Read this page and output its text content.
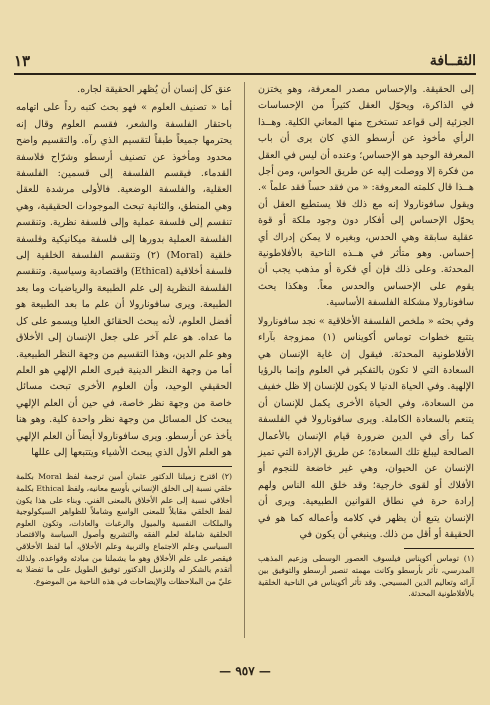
١٣	الثقــافة

إلى الحقيقة. والإحساس مصدر المعرفة، وهو يختزن في الذاكرة، ويحوّل العقل كثيراً من الإحساسات الجزئية إلى قواعد تستخرج منها المعاني الكلية. وهــذا الرأي مأخوذ عن أرسطو الذي كان يرى أن باب المعرفة الوحيد هو الإحساس؛ وعنده أن ليس في العقل من فكرة إلا ووصلت إليه عن طريق الحواس، ومن أجل هــذا قال كلمته المعروفة: « من فقد حساً فقد علماً ». ويقول سافونارولا إنه مع ذلك فلا يستطيع العقل أن يحوّل الإحساس إلى أفكار دون وجود ملكة أو قوة عقلية سابقة وهي الحدس، وبغيره لا يمكن إدراك أي إحساس. وهو متأثر في هــذه الناحية بالأفلاطونية المحدثة. وعلى ذلك فإن أي فكرة أو مذهب يجب أن يقوم على الإحساس والحدس معاً. وهكذا يحث سافونارولا مشكلة الفلسفة الأساسية.

وفي بحثه « ملخص الفلسفة الأخلاقية » نجد سافونارولا يتتبع خطوات توماس أكويناس (١) ممزوجة بآراء الأفلاطونية المحدثة. فيقول إن غاية الإنسان هي السعادة التي لا تكون بالتفكير في العلوم وإنما بالرؤيا الإلهية. وفي الحياة الدنيا لا يكون للإنسان إلا ظل خفيف من السعادة، وفي الحياة الأخرى يكمل للإنسان أن يتنعم بالسعادة الكاملة. ويرى سافونارولا في الفلسفة كما رأى في الدين ضرورة قيام الإنسان بالأعمال الصالحة ليبلغ تلك السعادة؛ عن طريق الإرادة التي تميز الإنسان عن الحيوان، وهي غير خاضعة للنجوم أو الأفلاك أو لقوى خارجية؛ وقد خلق الله الناس ولهم إرادة حرة في نطاق القوانين الطبيعية. ويرى أن الإنسان يتبع أن يظهر في كلامه وأعماله كما هو في الحقيقة أو أقل من ذلك. وينبغي أن يكون في

(١) توماس أكويناس فيلسوف العصور الوسطى وزعيم المذهب المدرسي، تأثر بأرسطو وكانت مهمته تنصير أرسطو والتوفيق بين آرائه وتعاليم الدين المسيحي. وقد تأثر أكويناس في الناحية الخلقية بالأفلاطونية المحدثة.

عنق كل إنسان أن يُظهر الحقيقة لجاره.

أما « تصنيف العلوم » فهو بحث كتبه رداً على اتهامه باحتقار الفلسفة والشعر، فقسم العلوم وقال إنه يحترمها جميعاً طبقاً لتقسيم الذي رآه. والتقسيم واضح محدود ومأخوذ عن تصنيف أرسطو وشرّاح فلاسفة القدماء. فيقسم الفلسفة إلى قسمين: الفلسفة العقلية، والفلسفة الوضعية. فالأولى مرشدة للعقل وهي المنطق، والثانية تبحث الموجودات الحقيقية، وهي تنقسم إلى فلسفة عملية وإلى فلسفة نظرية. وتنقسم الفلسفة العملية بدورها إلى فلسفة ميكانيكية وفلسفة خلقية (Moral) (٢) وتنقسم الفلسفة الخلقية إلى فلسفة أخلاقية (Ethical) واقتصادية وسياسية. وتنقسم الفلسفة النظرية إلى علم الطبيعة والرياضيات وما بعد الطبيعة. ويرى سافونارولا أن علم ما بعد الطبيعة هو أفضل العلوم، لأنه يبحث الحقائق العليا ويسمو على كل ما عداه. هو علم آخر على جعل الإنسان إلى الأخلاق وهو علم الدين، وهذا التقسيم من وجهة النظر الطبيعية. أما من وجهة النظر الدينية فيرى العلم الإلهي هو العلم الحقيقي الوحيد، وأن العلوم الأخرى تبحث مسائل خاصة من وجهة نظر خاصة، في حين أن العلم الإلهي يبحث كل المسائل من وجهة نظر واحدة كلية. وهو هنا يأخذ عن أرسطو. ويرى سافونارولا أيضاً أن العلم الإلهي هو العلم الأول الذي يبحث الأشياء ويتتبعها إلى عللها

(٢) اقترح زميلنا الدكتور عثمان أمين ترجمة لفظ Moral بكلمة خلقي نسبة إلى الخلق الإنساني بأوسع معانيه، ولفظ Ethical بكلمة أخلاقي نسبة إلى علم الأخلاق بالمعنى الفني. وبناء على هذا يكون لفظ الخلقي مقابلاً للمعنى الواسع وشاملاً للظواهر السيكولوجية والملكات النفسية والميول والرغبات والعادات، وتكون العلوم الخلقية شاملة لعلم الفقه والتشريع وأصول السياسة والاقتصاد السياسي وعلم الاجتماع والتربية وعلم الأخلاق، أما لفظ الأخلاقي فيقصر على علم الأخلاق وهو ما يشملنا من مبادئه وقواعده. ولذلك أتقدم بالشكر له وللزميل الدكتور توفيق الطويل على ما تفضلا به عليّ من الملاحظات والإيضاحات في هذه الناحية من الموضوع.
— ٩٥٧ —
